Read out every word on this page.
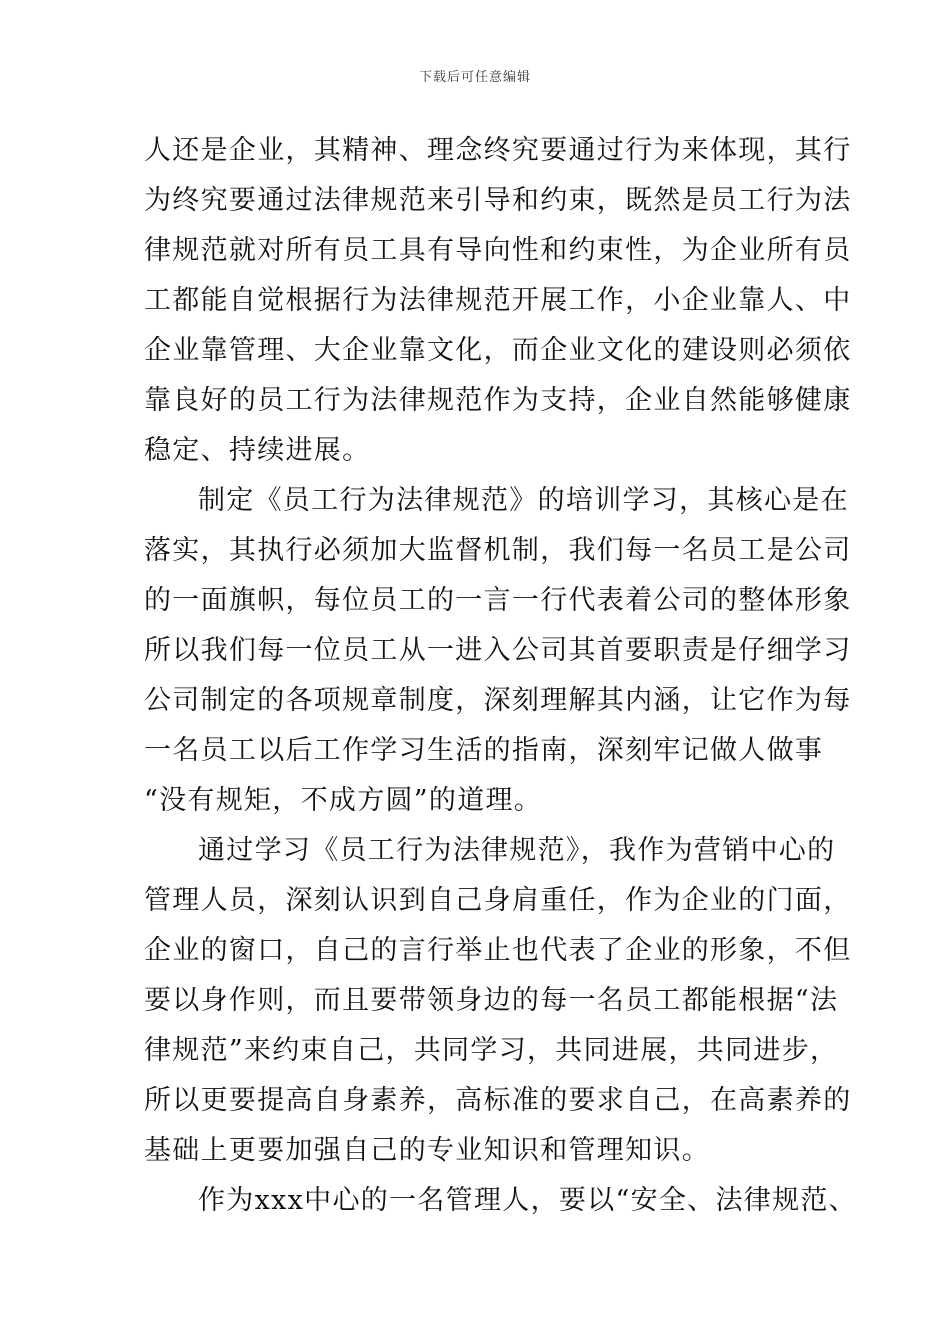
下载后可任意编辑
人还是企业，其精神、理念终究要通过行为来体现，其行
为终究要通过法律规范来引导和约束，既然是员工行为法
律规范就对所有员工具有导向性和约束性，为企业所有员
工都能自觉根据行为法律规范开展工作，小企业靠人、中
企业靠管理、大企业靠文化，而企业文化的建设则必须依
靠良好的员工行为法律规范作为支持，企业自然能够健康
稳定、持续进展。
制定《员工行为法律规范》的培训学习，其核心是在
落实，其执行必须加大监督机制，我们每一名员工是公司
的一面旗帜，每位员工的一言一行代表着公司的整体形象
所以我们每一位员工从一进入公司其首要职责是仔细学习
公司制定的各项规章制度，深刻理解其内涵，让它作为每
一名员工以后工作学习生活的指南，深刻牢记做人做事
“没有规矩，不成方圆”的道理。
通过学习《员工行为法律规范》，我作为营销中心的
管理人员，深刻认识到自己身肩重任，作为企业的门面，
企业的窗口，自己的言行举止也代表了企业的形象，不但
要以身作则，而且要带领身边的每一名员工都能根据“法
律规范”来约束自己，共同学习，共同进展，共同进步，
所以更要提高自身素养，高标准的要求自己，在高素养的
基础上更要加强自己的专业知识和管理知识。
作为xxx中心的一名管理人，要以“安全、法律规范、
